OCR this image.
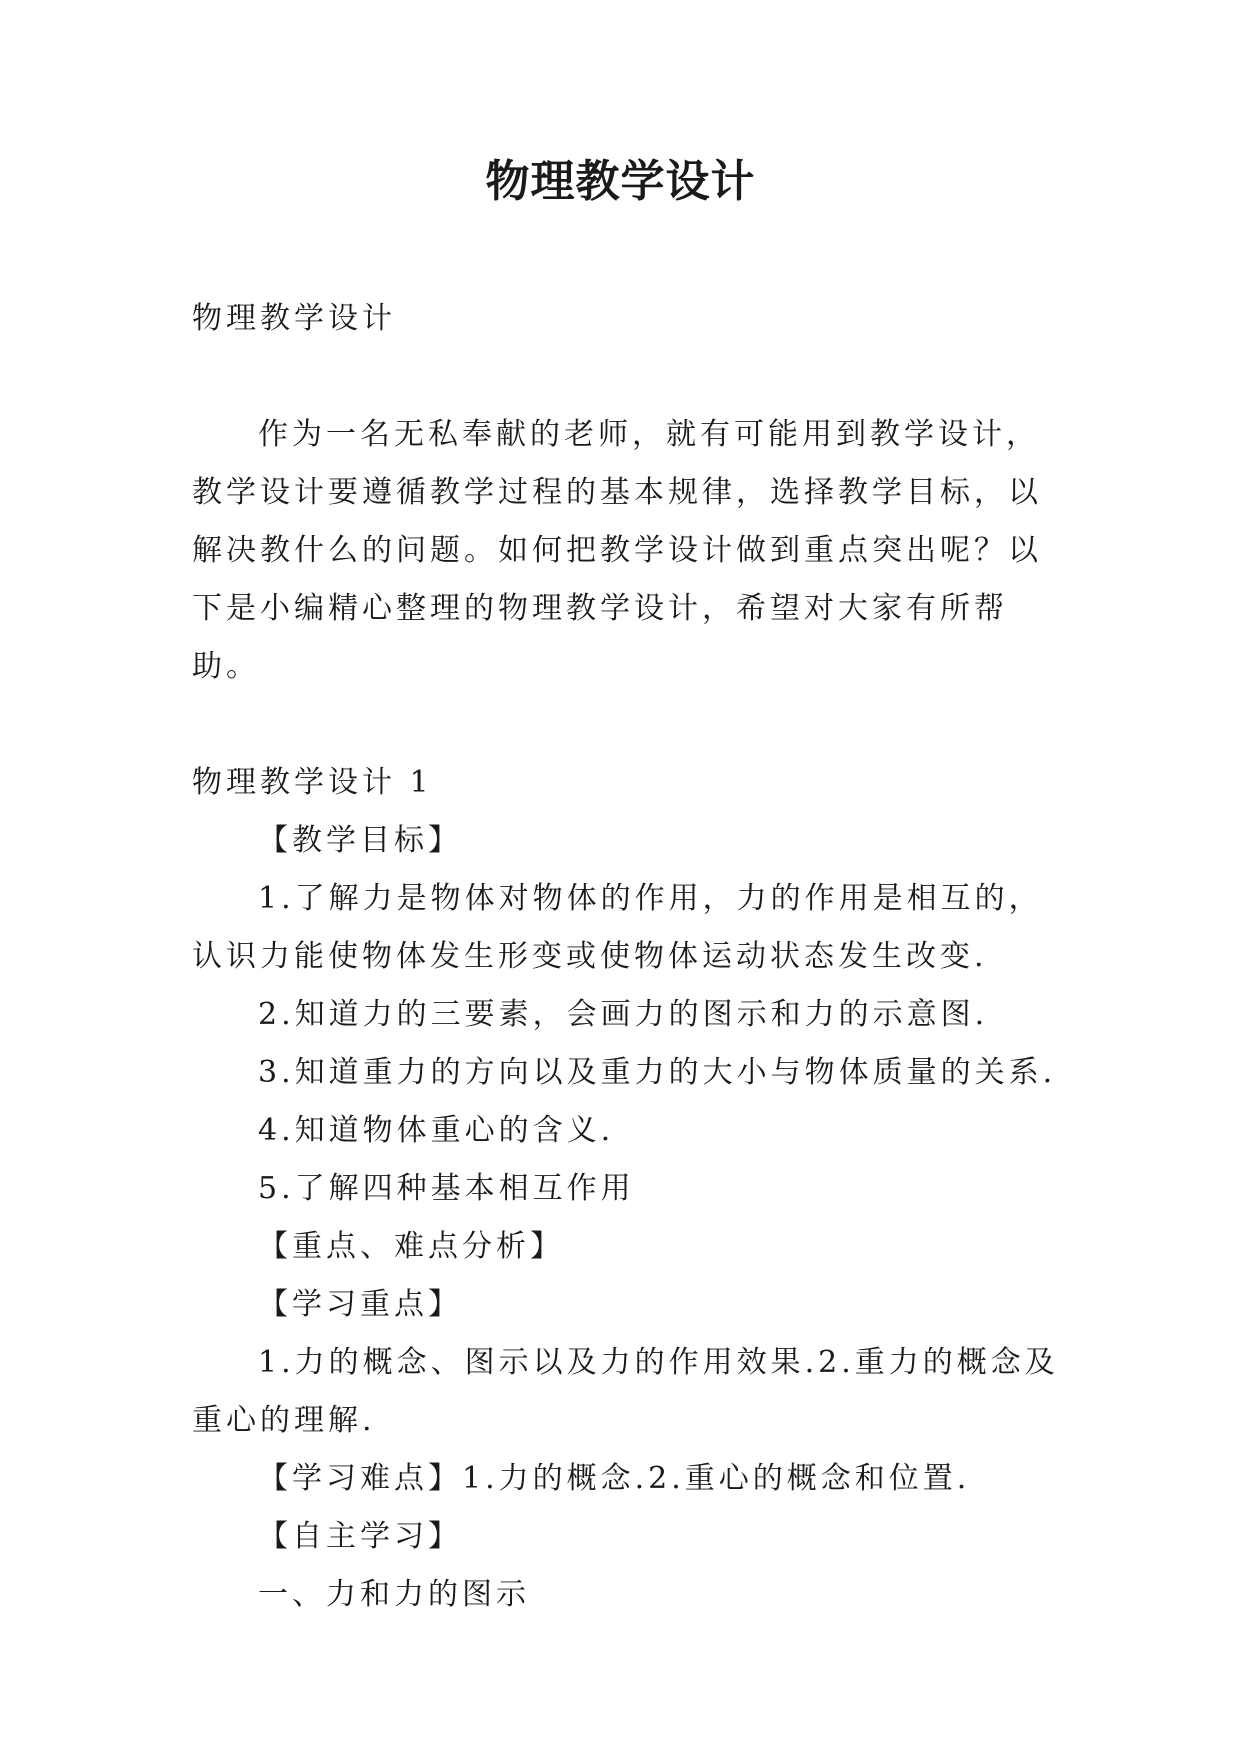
物理教学设计

物理教学设计

作为一名无私奉献的老师，就有可能用到教学设计，教学设计要遵循教学过程的基本规律，选择教学目标，以解决教什么的问题。如何把教学设计做到重点突出呢？以下是小编精心整理的物理教学设计，希望对大家有所帮助。

物理教学设计 1

【教学目标】

1.了解力是物体对物体的作用，力的作用是相互的，认识力能使物体发生形变或使物体运动状态发生改变.

2.知道力的三要素，会画力的图示和力的示意图.

3.知道重力的方向以及重力的大小与物体质量的关系.

4.知道物体重心的含义.

5.了解四种基本相互作用

【重点、难点分析】

【学习重点】

1.力的概念、图示以及力的作用效果.2.重力的概念及重心的理解.

【学习难点】1.力的概念.2.重心的概念和位置.

【自主学习】

一、力和力的图示
